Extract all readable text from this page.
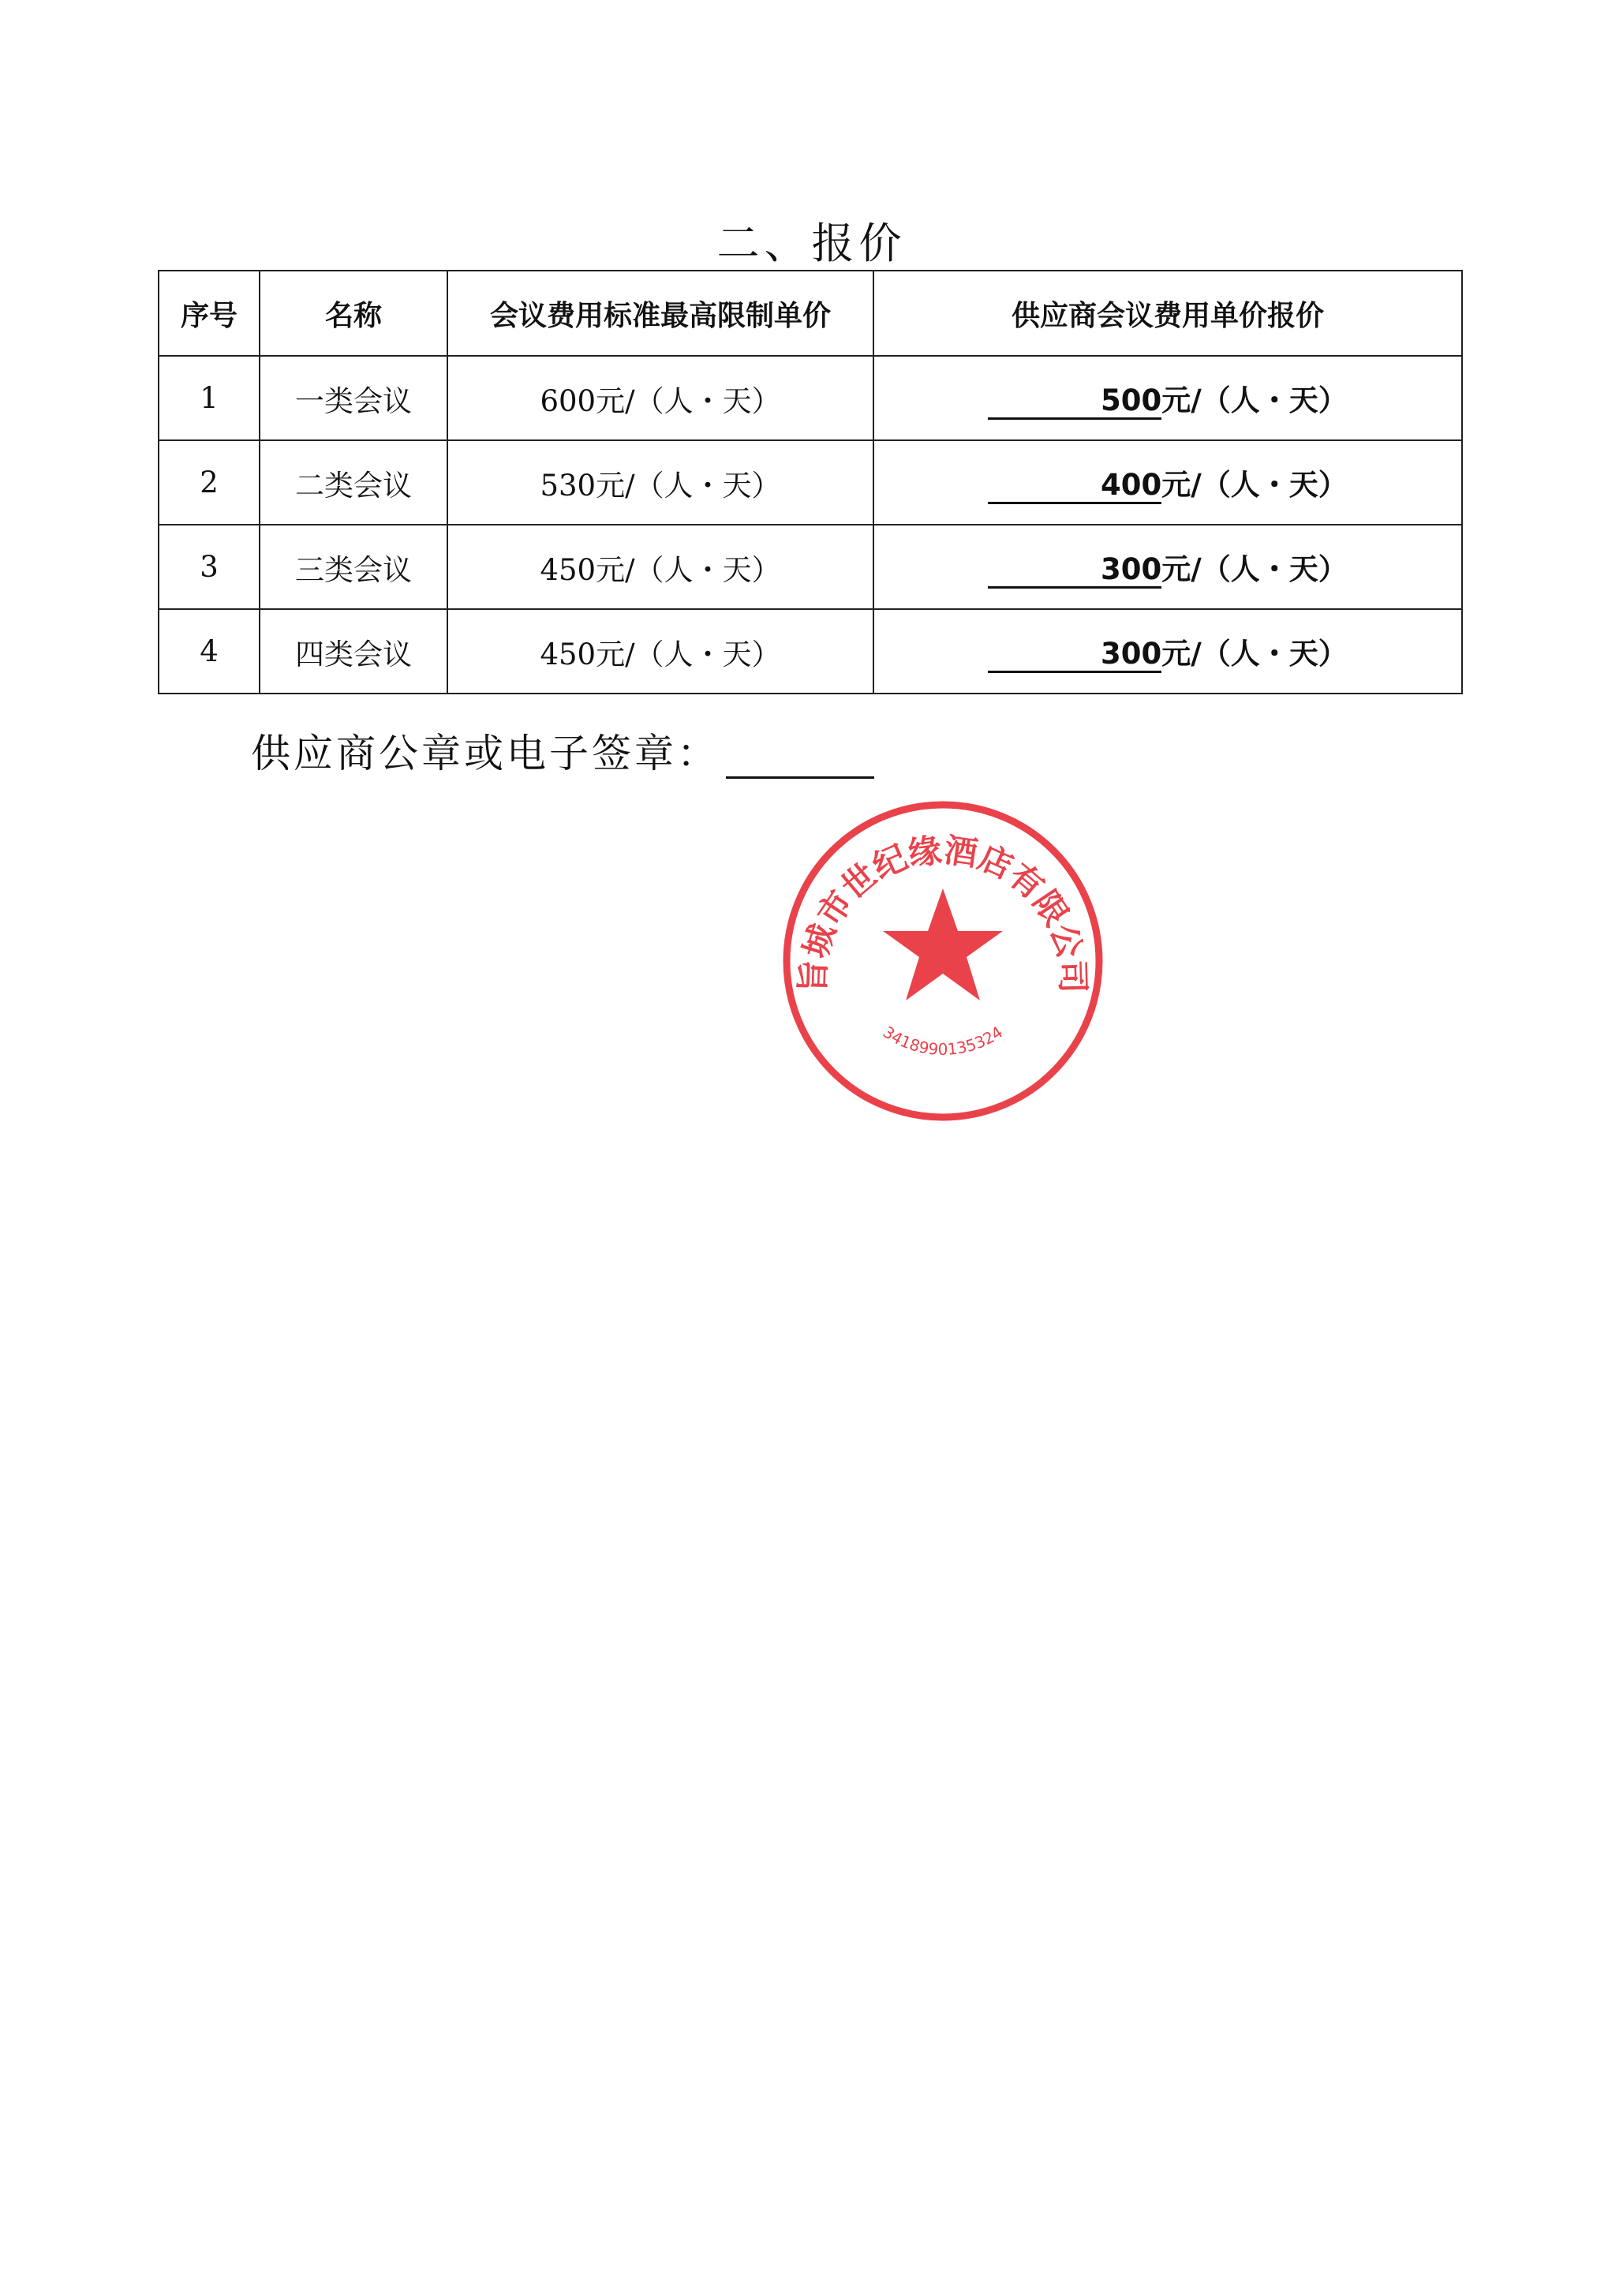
二、报价
序号	名称	会议费用标准最高限制单价	供应商会议费用单价报价
1	一类会议	600元/（人・天）	500元/（人・天）
2	二类会议	530元/（人・天）	400元/（人・天）
3	三类会议	450元/（人・天）	300元/（人・天）
4	四类会议	450元/（人・天）	300元/（人・天）
供应商公章或电子签章：
旨城市世纪缘酒店有限公司
3418990135324
